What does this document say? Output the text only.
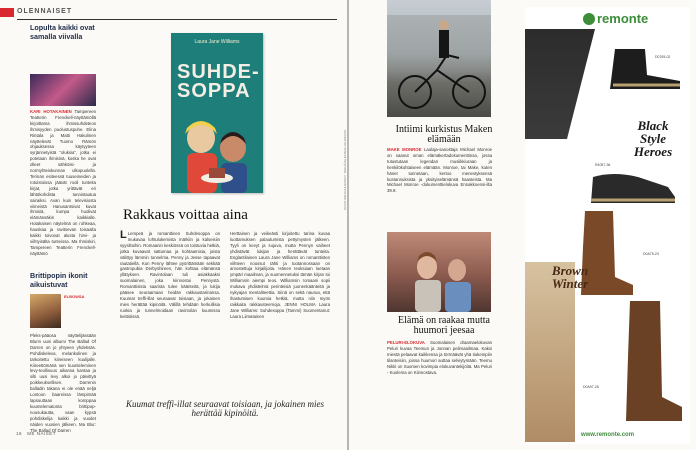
OLENNAISET
Lopulta kaikki ovat samalla viivalla
KARI HOTAKAINEN Tampereen Teatterin Frenckell-näyttämöllä kirjoittama ihmissuhdeteos ihmisyyden puolustuspuhe. Elina Rintala ja Matti Hakulinen näyttelevät Tuomo Rämön ohjauksessa käytyyteen syrjännetyistä "oluksia", jotka ei potetaan ihmisinä, koska he ovat olleet sähköisi- ja normyhteiskunnan ulkopuolella. Terinan esiteessä tuuseineiden ja rotuistoissa jäävät rooli tunteita kirjat, jotka yrittävät eri lähtökohdista tunnistautua sairaiksi. Avan kuin televisiosta viimeistä Hanusantsivat kuvat ihmisiä, kumpa huolivat elämänsäkin kaikkialle. Hotakaisen näytelmä on rohkeaa, hauskaa ja ravitsevan toisaalta kaikki toivovat alusta hirvi- ja viihtyisälta tunteissa. Ma Ihmiskiri, Tampereen Teatterin Frenckell-näyttämö
Brittipopin ikonit aikuistuvat
ELBOWSA
Pleks-pääosa näyttelijässään Blurin uusi albumi The Ballad Of Darren on jo yhtyeen yhdeksäs. Pohdiskeleva, melankolinen ja tarkoitettu kiireiseen kuulijalle. Kiireettömänä sen kuunteleminen levy-teollisuus aikansa kantaa ja silti uusi levy alkoi jo päivittyä poikkeuksellisen.	Darrenin balladin takana ei ole enää neljä Lontoon baareissa lämpimää lapsuuttaan komppaa kuuntelematonta brittipop-nousukautta, vaan kypsä pohdiskelija kaikki ja vuodet näiden vuosien jälkeen. Ma Blur: The Ballad Of Darren
Laura Jane Williams
SUHDE-SOPPA
Rakkaus voittaa aina
L Lempeä ja romanttinen Suhdesoppa on mukavaa lohtulukemista märkiin ja kalseisiin syysiltoihin. Romaanin keskiössä on toistuvia hetkiä, jotka kuvaavat sattumaa ja kohtaamisia, joista välittyy lämmin tunnelma. Penny ja Jesse tapaavat rautatiellä. Kun Penny lähtee pyörittämään sekkää gastropubia Derbyshireen, hän kohtaa elämänsä yllätyksen. Ravintolaan tuli asiakkaaksi suomalainen, joka kiinnostui Pennystä. Romanttisista saarista tulee käänteitä, ja lukija pääsee seuraamaan heidän rakkaustarinansa. Kuumat treffi-illat seuraavat toisiaan, ja jokainen mies herättää kipinöitä. Välillä tehdään herkullisia ruokia ja tunnelmoidaan ravintolan kuumissa keittiöissä.
Herttainen ja veikeästi kirjoitettu tarina kuvaa luottamuksen palautumista pettymysten jälkeen. Tyyli on kevyt ja sujuva, mutta Pennyn vaiheet yhdistävät lukijan ja herättävät tunteita. Englantilainen Laura Jane Williams on romanttisten viihteen noussut tähti ja tuotannossaan on arvostettuja kirjailijoita. Hänen teoksiaan luetaan ympäri maailman, ja suomennetuksi tämän kirjan toi Williamsin aiempi teos. Williamsin romaani sopii mukava yhdistelmä perinteisiä juonenkäänteitä ja nykyajan mentaliteettia. Siinä on sekä naurua, että ihastumisen kuumia hetkiä, mutta niin myös raikkaita rakkausteemoja. JENNI HOLMA Laura Jane Williams: Suhdesoppa (Tammi) Suomentanut: Laura Liimatainen
Kuumat treffi-illat seuraavat toisiaan, ja jokainen mies herättää kipinöitä.
KUVAT KIRJAJULKAISUT, TEKIJÄJULKAISIJA JULKISUUS
16 ME NAISET
Intiimi kurkistus Maken elämään
MAKE MONROE Laulaja-sanoittaja Michael Monroe on saanut oman elämäkertadokumenttinsa, jossa tutustutaan legendan musiikkiuraan ja henkilökohtaiseen elämään. Monroe, tai Make, kuten hänet tunnetaan, kertoo menestyksensä kustannuksista ja yksityiselämänsä haasteista. Ma Michael Monroe -dokumenttielokuva Ennakkoensi-ilta 39.9.
Elämä on raakaa mutta huumori jeesaa
PELURI-ELOKUVA Suomalaisen draamaelokuvan Peluri kuvaa Teemun ja Jonnan pelimaailmaa. Kaksi miestä pelaavat kaikkensa ja törmäävät yhä tiukempiin tilanteisiin, joissa huumori auttaa selviytymään. Teemu Nikki on Suomen kovimpia elokuvantekijöitä. Ma Peluri - Kuolema on Kiinnostava.
remonte
Black Style Heroes
Brown Winter
D0765-02
R4057-36
D0A75-23
D0A97-26
www.remonte.com
